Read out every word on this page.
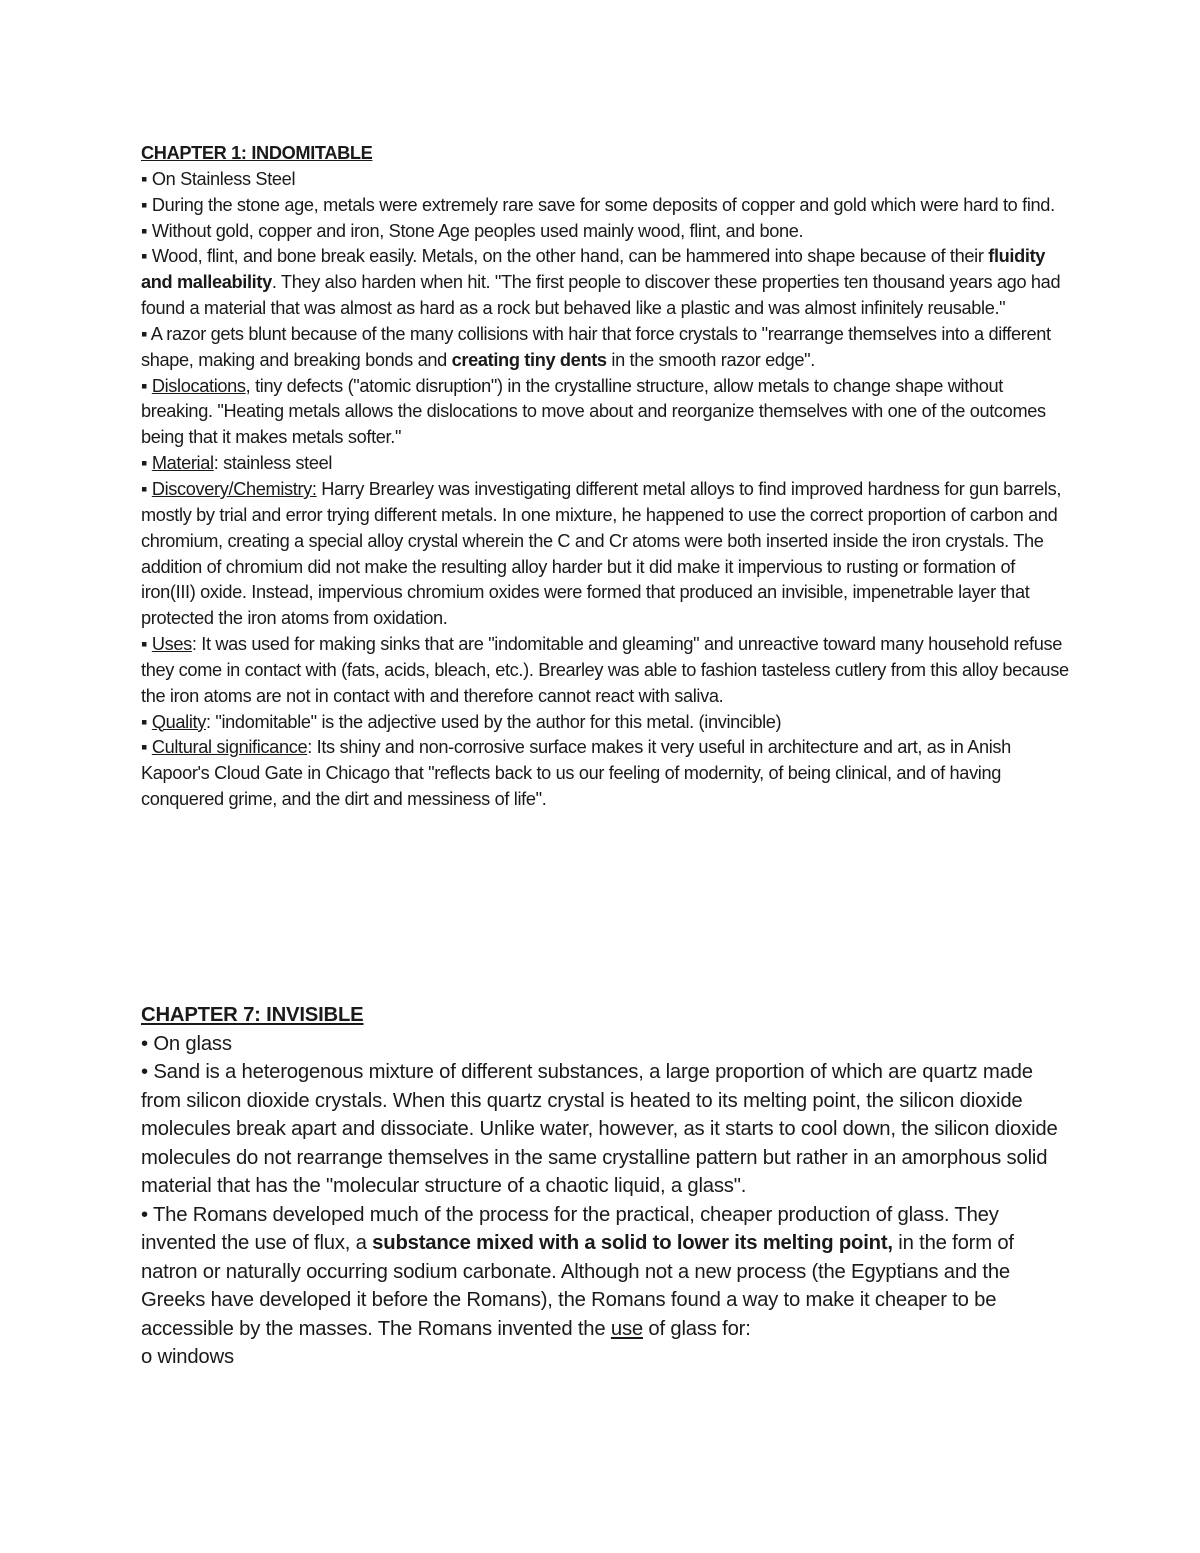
CHAPTER 1: INDOMITABLE
▪ On Stainless Steel
▪ During the stone age, metals were extremely rare save for some deposits of copper and gold which were hard to find.
▪ Without gold, copper and iron, Stone Age peoples used mainly wood, flint, and bone.
▪ Wood, flint, and bone break easily. Metals, on the other hand, can be hammered into shape because of their fluidity and malleability. They also harden when hit. "The first people to discover these properties ten thousand years ago had found a material that was almost as hard as a rock but behaved like a plastic and was almost infinitely reusable."
▪ A razor gets blunt because of the many collisions with hair that force crystals to "rearrange themselves into a different shape, making and breaking bonds and creating tiny dents in the smooth razor edge".
▪ Dislocations, tiny defects ("atomic disruption") in the crystalline structure, allow metals to change shape without breaking. "Heating metals allows the dislocations to move about and reorganize themselves with one of the outcomes being that it makes metals softer."
▪ Material: stainless steel
▪ Discovery/Chemistry: Harry Brearley was investigating different metal alloys to find improved hardness for gun barrels, mostly by trial and error trying different metals. In one mixture, he happened to use the correct proportion of carbon and chromium, creating a special alloy crystal wherein the C and Cr atoms were both inserted inside the iron crystals. The addition of chromium did not make the resulting alloy harder but it did make it impervious to rusting or formation of iron(III) oxide. Instead, impervious chromium oxides were formed that produced an invisible, impenetrable layer that protected the iron atoms from oxidation.
▪ Uses: It was used for making sinks that are "indomitable and gleaming" and unreactive toward many household refuse they come in contact with (fats, acids, bleach, etc.). Brearley was able to fashion tasteless cutlery from this alloy because the iron atoms are not in contact with and therefore cannot react with saliva.
▪ Quality: "indomitable" is the adjective used by the author for this metal. (invincible)
▪ Cultural significance: Its shiny and non-corrosive surface makes it very useful in architecture and art, as in Anish Kapoor's Cloud Gate in Chicago that "reflects back to us our feeling of modernity, of being clinical, and of having conquered grime, and the dirt and messiness of life".
CHAPTER 7: INVISIBLE
• On glass
• Sand is a heterogenous mixture of different substances, a large proportion of which are quartz made from silicon dioxide crystals. When this quartz crystal is heated to its melting point, the silicon dioxide molecules break apart and dissociate. Unlike water, however, as it starts to cool down, the silicon dioxide molecules do not rearrange themselves in the same crystalline pattern but rather in an amorphous solid material that has the "molecular structure of a chaotic liquid, a glass".
• The Romans developed much of the process for the practical, cheaper production of glass. They invented the use of flux, a substance mixed with a solid to lower its melting point, in the form of natron or naturally occurring sodium carbonate. Although not a new process (the Egyptians and the Greeks have developed it before the Romans), the Romans found a way to make it cheaper to be accessible by the masses. The Romans invented the use of glass for:
o windows
